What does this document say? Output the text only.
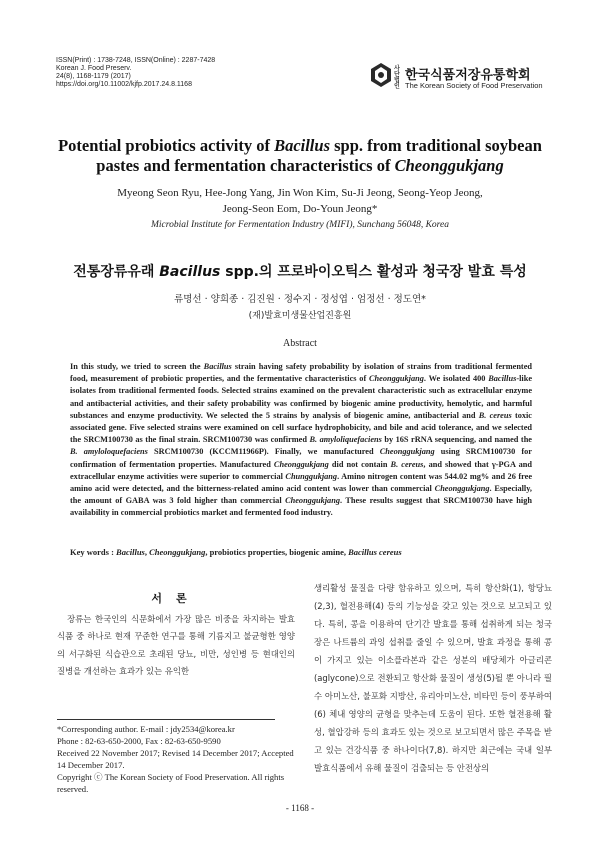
ISSN(Print) : 1738-7248, ISSN(Online) : 2287-7428
Korean J. Food Preserv.
24(8), 1168-1179 (2017)
https://doi.org/10.11002/kjfp.2017.24.8.1168
사단
법인
한국식품저장유통학회
The Korean Society of Food Preservation
Potential probiotics activity of Bacillus spp. from traditional soybean pastes and fermentation characteristics of Cheonggukjang
Myeong Seon Ryu, Hee-Jong Yang, Jin Won Kim, Su-Ji Jeong, Seong-Yeop Jeong,
Jeong-Seon Eom, Do-Youn Jeong*
Microbial Institute for Fermentation Industry (MIFI), Sunchang 56048, Korea
전통장류유래 Bacillus spp.의 프로바이오틱스 활성과 청국장 발효 특성
류명선 · 양희종 · 김진원 · 정수지 · 정성엽 · 엄정선 · 정도연*
(재)발효미생물산업진흥원
Abstract
In this study, we tried to screen the Bacillus strain having safety probability by isolation of strains from traditional fermented food, measurement of probiotic properties, and the fermentative characteristics of Cheonggukjang. We isolated 400 Bacillus-like isolates from traditional fermented foods. Selected strains examined on the prevalent characteristic such as extracellular enzyme and antibacterial activities, and their safety probability was confirmed by biogenic amine productivity, hemolytic, and harmful substances and enzyme productivity. We selected the 5 strains by analysis of biogenic amine, antibacterial and B. cereus toxic associated gene. Five selected strains were examined on cell surface hydrophobicity, and bile and acid tolerance, and we selected the SRCM100730 as the final strain. SRCM100730 was confirmed B. amyloliquefaciens by 16S rRNA sequencing, and named the B. amyloloquefaciens SRCM100730 (KCCM11966P). Finally, we manufactured Cheonggukjang using SRCM100730 for confirmation of fermentation properties. Manufactured Cheonggukjang did not contain B. cereus, and showed that γ-PGA and extracellular enzyme activities were superior to commercial Chunggukjang. Amino nitrogen content was 544.02 mg% and 26 free amino acid were detected, and the bitterness-related amino acid content was lower than commercial Cheonggukjang. Especially, the amount of GABA was 3 fold higher than commercial Cheonggukjang. These results suggest that SRCM100730 have high availability in commercial probiotics market and fermented food industry.
Key words : Bacillus, Cheonggukjang, probiotics properties, biogenic amine, Bacillus cereus
서론
장류는 한국인의 식문화에서 가장 많은 비중을 차지하는 발효식품 중 하나로 현재 꾸준한 연구를 통해 기름지고 불균형한 영양의 서구화된 식습관으로 초래된 당뇨, 비만, 성인병 등 현대인의 질병을 개선하는 효과가 있는 유익한
생리활성 물질을 다량 함유하고 있으며, 특히 항산화(1), 항당뇨(2,3), 혈전용해(4) 등의 기능성을 갖고 있는 것으로 보고되고 있다. 특히, 콩을 이용하여 단기간 발효를 통해 섭취하게 되는 청국장은 나트륨의 과잉 섭취를 줄일 수 있으며, 발효 과정을 통해 콩이 가지고 있는 이소플라본과 같은 성분의 배당체가 아글리콘(aglycone)으로 전환되고 항산화 물질이 생성(5)될 뿐 아니라 필수 아미노산, 불포화 지방산, 유리아미노산, 비타민 등이 풍부하여(6) 체내 영양의 균형을 맞추는데 도움이 된다. 또한 혈전용해 활성, 혈압강하 등의 효과도 있는 것으로 보고되면서 많은 주목을 받고 있는 건강식품 중 하나이다(7,8). 하지만 최근에는 국내 일부 발효식품에서 유해 물질이 검출되는 등 안전상의
*Corresponding author. E-mail : jdy2534@korea.kr
Phone : 82-63-650-2000, Fax : 82-63-650-9590
Received 22 November 2017; Revised 14 December 2017; Accepted 14 December 2017.
Copyright ⓒ The Korean Society of Food Preservation. All rights reserved.
- 1168 -
